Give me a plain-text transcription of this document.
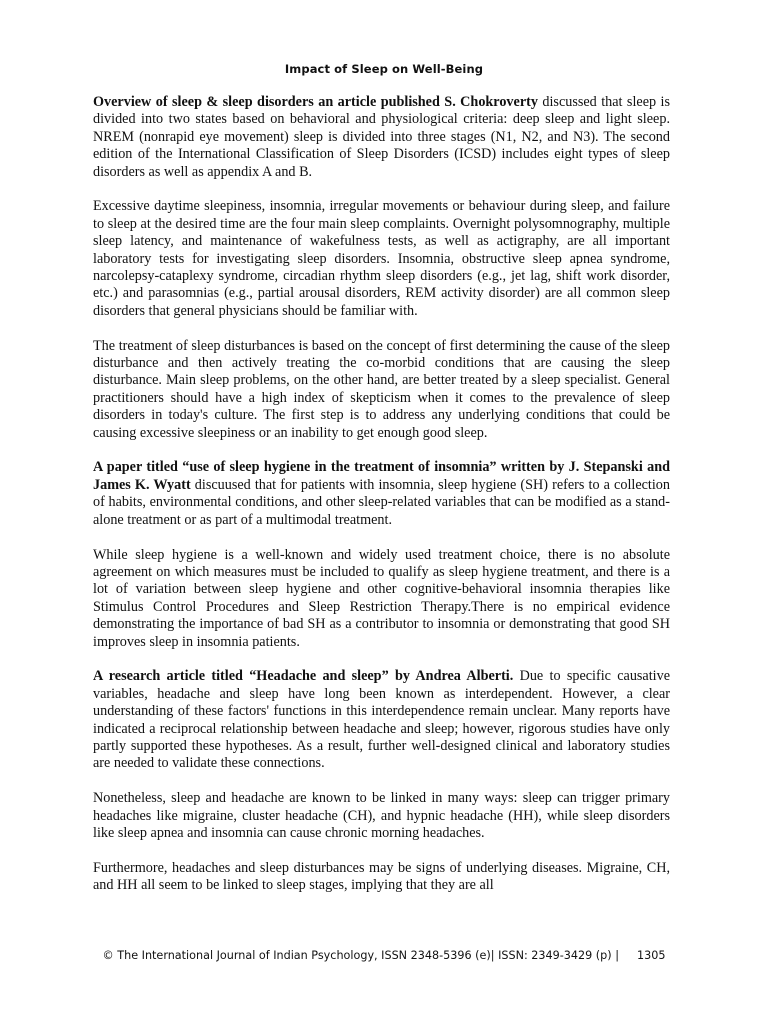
Impact of Sleep on Well-Being

Overview of sleep & sleep disorders an article published S. Chokroverty discussed that sleep is divided into two states based on behavioral and physiological criteria: deep sleep and light sleep. NREM (nonrapid eye movement) sleep is divided into three stages (N1, N2, and N3). The second edition of the International Classification of Sleep Disorders (ICSD) includes eight types of sleep disorders as well as appendix A and B.

Excessive daytime sleepiness, insomnia, irregular movements or behaviour during sleep, and failure to sleep at the desired time are the four main sleep complaints. Overnight polysomnography, multiple sleep latency, and maintenance of wakefulness tests, as well as actigraphy, are all important laboratory tests for investigating sleep disorders. Insomnia, obstructive sleep apnea syndrome, narcolepsy-cataplexy syndrome, circadian rhythm sleep disorders (e.g., jet lag, shift work disorder, etc.) and parasomnias (e.g., partial arousal disorders, REM activity disorder) are all common sleep disorders that general physicians should be familiar with.

The treatment of sleep disturbances is based on the concept of first determining the cause of the sleep disturbance and then actively treating the co-morbid conditions that are causing the sleep disturbance. Main sleep problems, on the other hand, are better treated by a sleep specialist. General practitioners should have a high index of skepticism when it comes to the prevalence of sleep disorders in today's culture. The first step is to address any underlying conditions that could be causing excessive sleepiness or an inability to get enough good sleep.

A paper titled “use of sleep hygiene in the treatment of insomnia” written by J. Stepanski and James K. Wyatt discuused that for patients with insomnia, sleep hygiene (SH) refers to a collection of habits, environmental conditions, and other sleep-related variables that can be modified as a stand-alone treatment or as part of a multimodal treatment.

While sleep hygiene is a well-known and widely used treatment choice, there is no absolute agreement on which measures must be included to qualify as sleep hygiene treatment, and there is a lot of variation between sleep hygiene and other cognitive-behavioral insomnia therapies like Stimulus Control Procedures and Sleep Restriction Therapy.There is no empirical evidence demonstrating the importance of bad SH as a contributor to insomnia or demonstrating that good SH improves sleep in insomnia patients.

A research article titled “Headache and sleep” by Andrea Alberti. Due to specific causative variables, headache and sleep have long been known as interdependent. However, a clear understanding of these factors' functions in this interdependence remain unclear. Many reports have indicated a reciprocal relationship between headache and sleep; however, rigorous studies have only partly supported these hypotheses. As a result, further well-designed clinical and laboratory studies are needed to validate these connections.

Nonetheless, sleep and headache are known to be linked in many ways: sleep can trigger primary headaches like migraine, cluster headache (CH), and hypnic headache (HH), while sleep disorders like sleep apnea and insomnia can cause chronic morning headaches.

Furthermore, headaches and sleep disturbances may be signs of underlying diseases. Migraine, CH, and HH all seem to be linked to sleep stages, implying that they are all

© The International Journal of Indian Psychology, ISSN 2348-5396 (e)| ISSN: 2349-3429 (p) | 1305
